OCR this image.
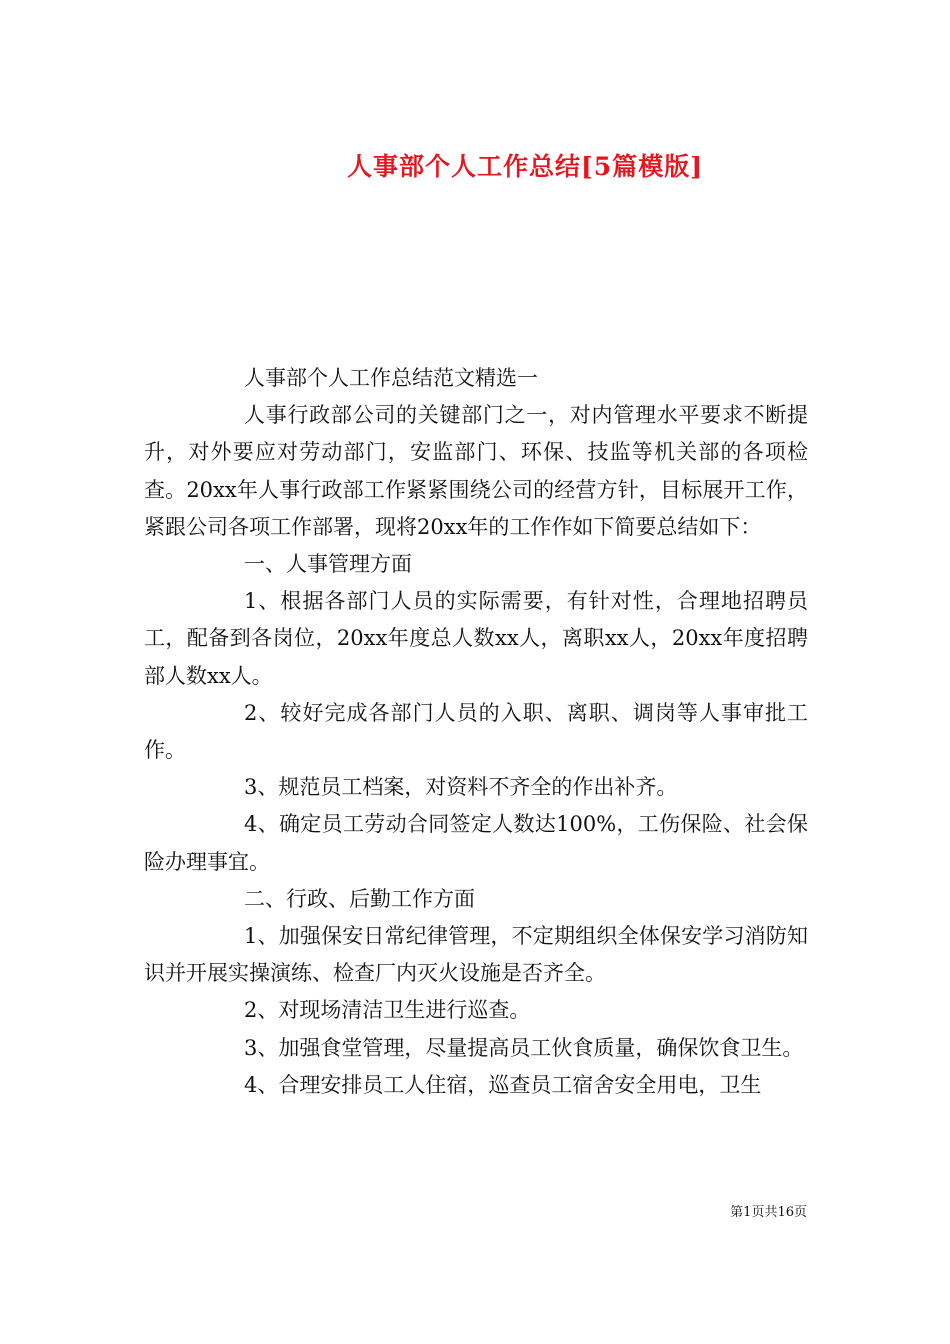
人事部个人工作总结[5篇模版]

人事部个人工作总结范文精选一

人事行政部公司的关键部门之一，对内管理水平要求不断提升，对外要应对劳动部门，安监部门、环保、技监等机关部的各项检查。20xx年人事行政部工作紧紧围绕公司的经营方针，目标展开工作，紧跟公司各项工作部署，现将20xx年的工作作如下简要总结如下：

一、人事管理方面

1、根据各部门人员的实际需要，有针对性，合理地招聘员工，配备到各岗位，20xx年度总人数xx人，离职xx人，20xx年度招聘部人数xx人。

2、较好完成各部门人员的入职、离职、调岗等人事审批工作。

3、规范员工档案，对资料不齐全的作出补齐。

4、确定员工劳动合同签定人数达100%，工伤保险、社会保险办理事宜。

二、行政、后勤工作方面

1、加强保安日常纪律管理，不定期组织全体保安学习消防知识并开展实操演练、检查厂内灭火设施是否齐全。

2、对现场清洁卫生进行巡查。

3、加强食堂管理，尽量提高员工伙食质量，确保饮食卫生。

4、合理安排员工人住宿，巡查员工宿舍安全用电，卫生

第1页共16页
